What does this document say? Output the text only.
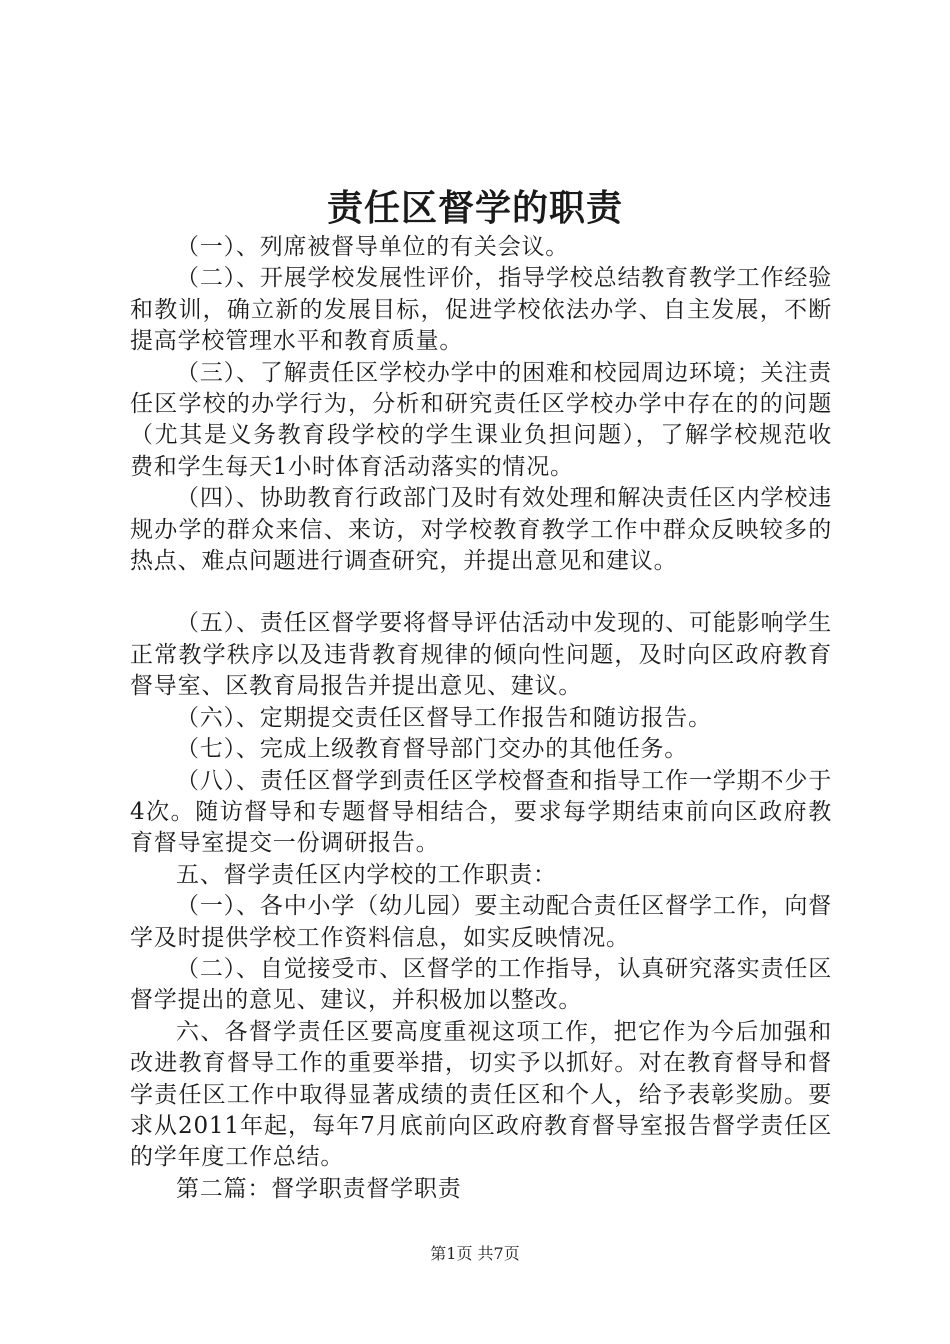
责任区督学的职责

（一）、列席被督导单位的有关会议。

（二）、开展学校发展性评价，指导学校总结教育教学工作经验和教训，确立新的发展目标，促进学校依法办学、自主发展，不断提高学校管理水平和教育质量。

（三）、了解责任区学校办学中的困难和校园周边环境；关注责任区学校的办学行为，分析和研究责任区学校办学中存在的的问题（尤其是义务教育段学校的学生课业负担问题），了解学校规范收费和学生每天1小时体育活动落实的情况。

（四）、协助教育行政部门及时有效处理和解决责任区内学校违规办学的群众来信、来访，对学校教育教学工作中群众反映较多的热点、难点问题进行调查研究，并提出意见和建议。

（五）、责任区督学要将督导评估活动中发现的、可能影响学生正常教学秩序以及违背教育规律的倾向性问题，及时向区政府教育督导室、区教育局报告并提出意见、建议。

（六）、定期提交责任区督导工作报告和随访报告。

（七）、完成上级教育督导部门交办的其他任务。

（八）、责任区督学到责任区学校督查和指导工作一学期不少于4次。随访督导和专题督导相结合，要求每学期结束前向区政府教育督导室提交一份调研报告。

五、督学责任区内学校的工作职责：

（一）、各中小学（幼儿园）要主动配合责任区督学工作，向督学及时提供学校工作资料信息，如实反映情况。

（二）、自觉接受市、区督学的工作指导，认真研究落实责任区督学提出的意见、建议，并积极加以整改。

六、各督学责任区要高度重视这项工作，把它作为今后加强和改进教育督导工作的重要举措，切实予以抓好。对在教育督导和督学责任区工作中取得显著成绩的责任区和个人，给予表彰奖励。要求从2011年起，每年7月底前向区政府教育督导室报告督学责任区的学年度工作总结。

第二篇：督学职责督学职责

第1页 共7页
